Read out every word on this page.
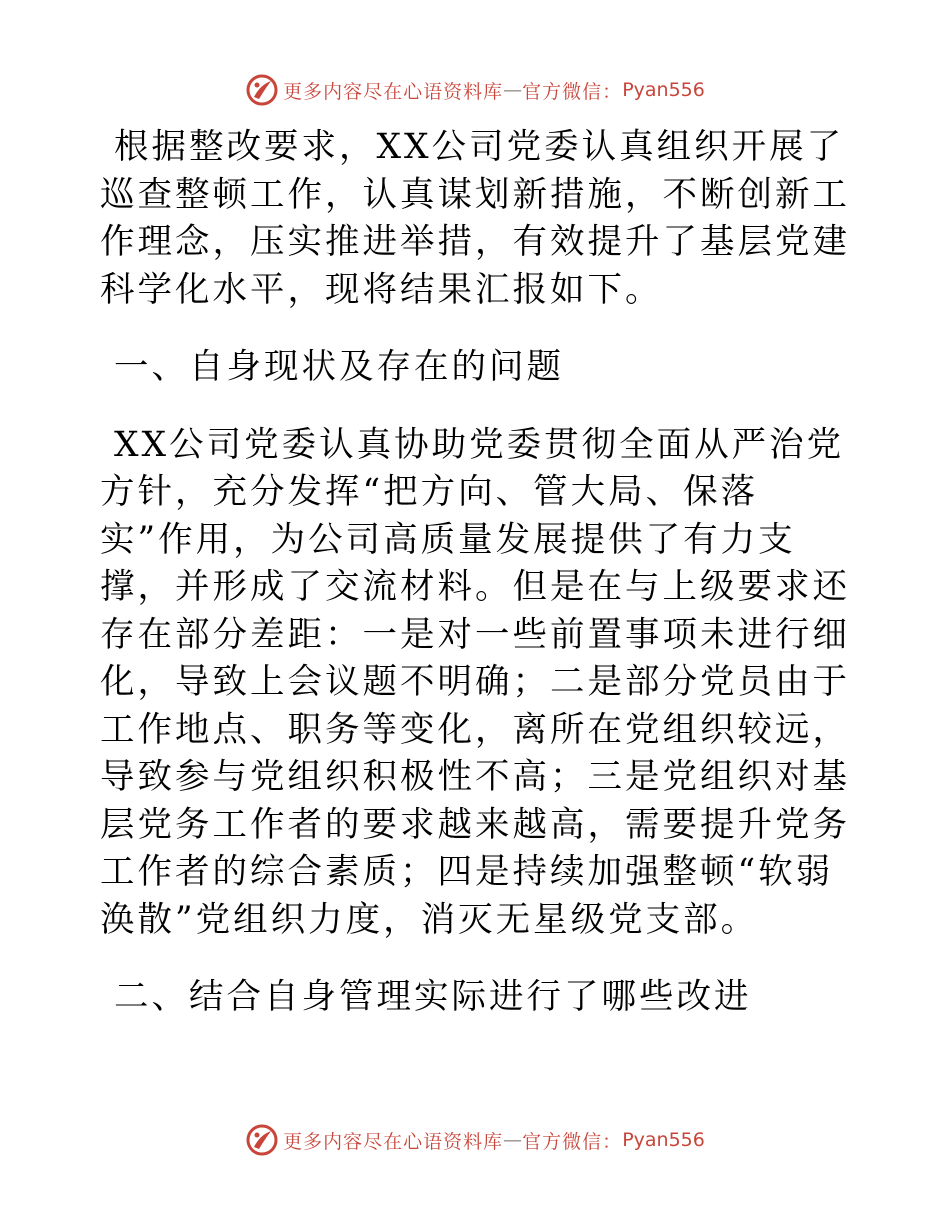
更多内容尽在心语资料库 — 官方微信： Pyan556

根据整改要求，XX公司党委认真组织开展了巡查整顿工作，认真谋划新措施，不断创新工作理念，压实推进举措，有效提升了基层党建科学化水平，现将结果汇报如下。

一、自身现状及存在的问题

XX公司党委认真协助党委贯彻全面从严治党方针，充分发挥“把方向、管大局、保落实”作用，为公司高质量发展提供了有力支撑，并形成了交流材料。但是在与上级要求还存在部分差距：一是对一些前置事项未进行细化，导致上会议题不明确；二是部分党员由于工作地点、职务等变化，离所在党组织较远，导致参与党组织积极性不高；三是党组织对基层党务工作者的要求越来越高，需要提升党务工作者的综合素质；四是持续加强整顿“软弱涣散”党组织力度，消灭无星级党支部。

二、结合自身管理实际进行了哪些改进

更多内容尽在心语资料库 — 官方微信： Pyan556
